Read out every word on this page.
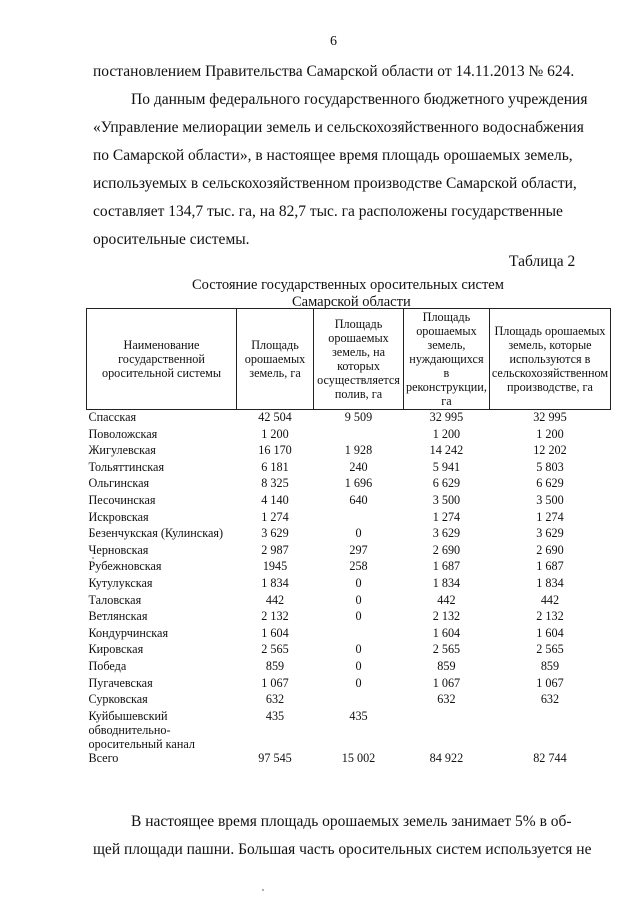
6
постановлением Правительства Самарской области от 14.11.2013 № 624.
По данным федерального государственного бюджетного учреждения
«Управление мелиорации земель и сельскохозяйственного водоснабжения
по Самарской области», в настоящее время площадь орошаемых земель,
используемых в сельскохозяйственном производстве Самарской области,
составляет 134,7 тыс. га, на 82,7 тыс. га расположены государственные
оросительные системы.
Таблица 2
Состояние государственных оросительных систем
Самарской области
Наименование государственной оросительной системы	Площадь орошаемых земель, га	Площадь орошаемых земель, на которых осуществляется полив, га	Площадь орошаемых земель, нуждающихся в реконструкции, га	Площадь орошаемых земель, которые используются в сельскохозяйственном производстве, га
Спасская	42 504	9 509	32 995	32 995
Поволожская	1 200		1 200	1 200
Жигулевская	16 170	1 928	14 242	12 202
Тольяттинская	6 181	240	5 941	5 803
Ольгинская	8 325	1 696	6 629	6 629
Песочинская	4 140	640	3 500	3 500
Искровская	1 274		1 274	1 274
Безенчукская (Кулинская)	3 629	0	3 629	3 629
Черновская	2 987	297	2 690	2 690
Рубежновская	1945	258	1 687	1 687
Кутулукская	1 834	0	1 834	1 834
Таловская	442	0	442	442
Ветлянская	2 132	0	2 132	2 132
Кондурчинская	1 604		1 604	1 604
Кировская	2 565	0	2 565	2 565
Победа	859	0	859	859
Пугачевская	1 067	0	1 067	1 067
Сурковская	632		632	632
Куйбышевский обводнительно-оросительный канал	435	435		
Всего	97 545	15 002	84 922	82 744
В настоящее время площадь орошаемых земель занимает 5% в об-
щей площади пашни. Большая часть оросительных систем используется не
